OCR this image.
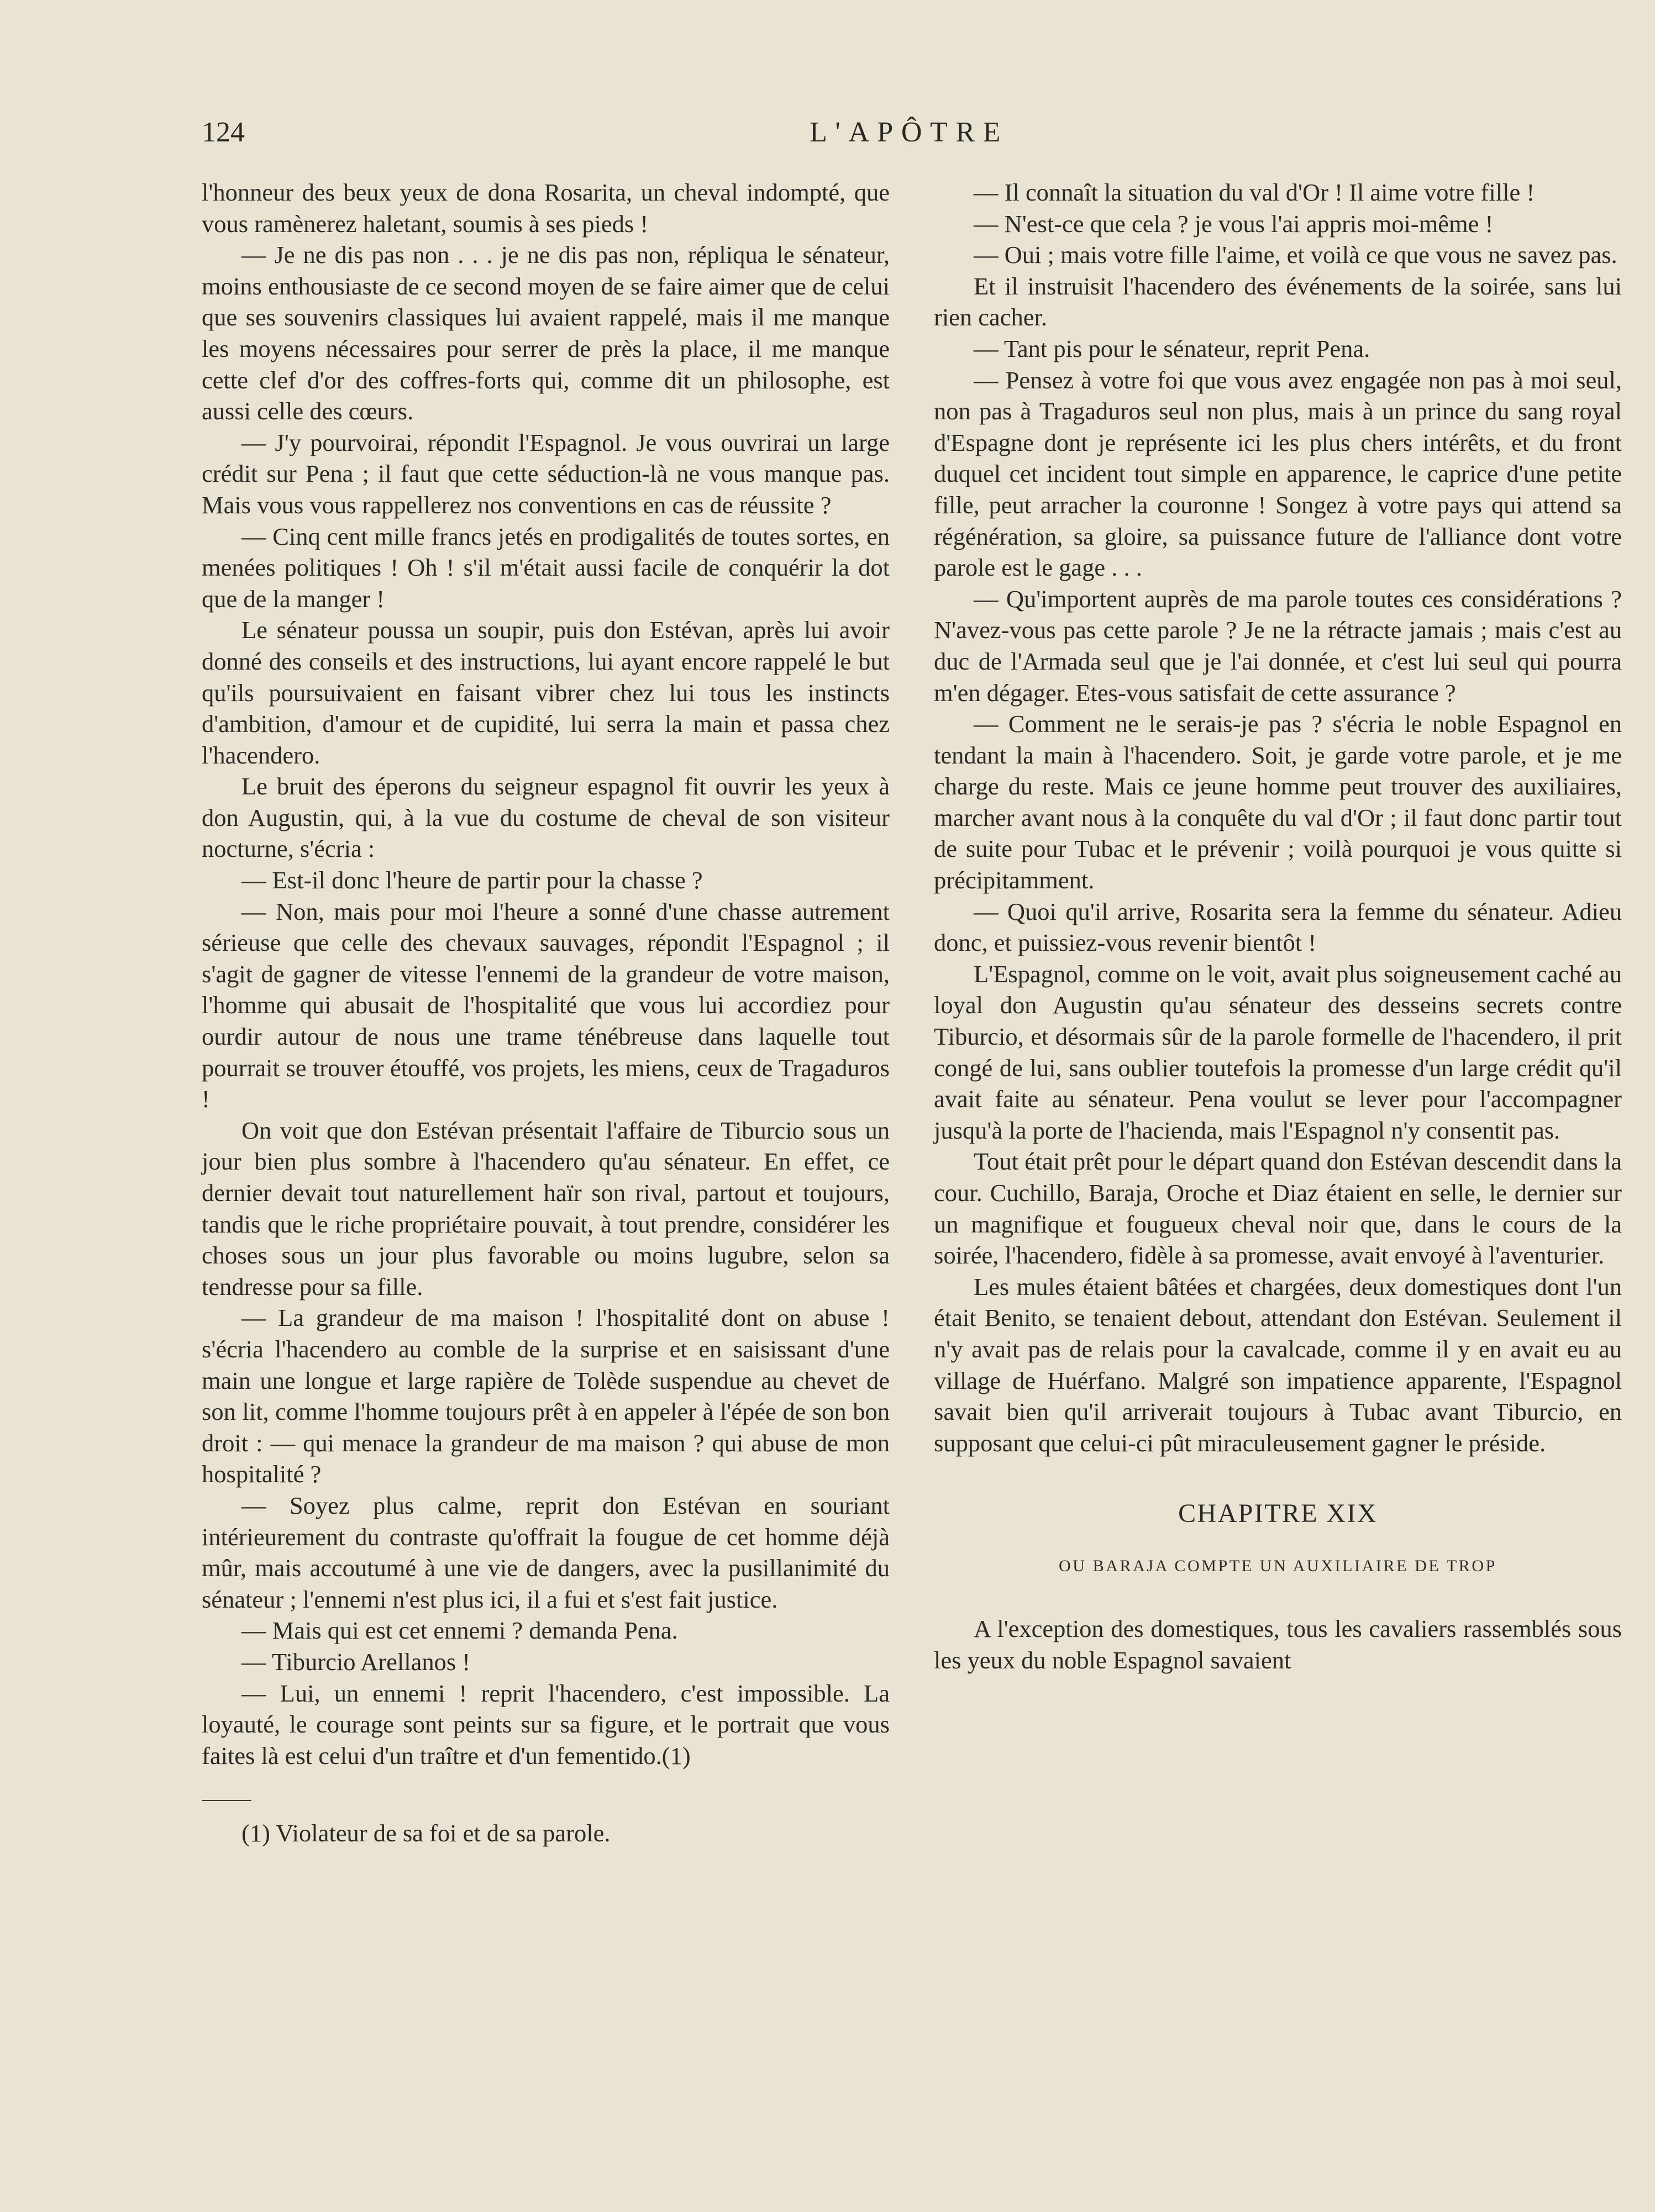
124	L'APÔTRE

l'honneur des beux yeux de dona Rosarita, un cheval indompté, que vous ramènerez haletant, soumis à ses pieds !

— Je ne dis pas non . . . je ne dis pas non, répliqua le sénateur, moins enthousiaste de ce second moyen de se faire aimer que de celui que ses souvenirs classiques lui avaient rappelé, mais il me manque les moyens nécessaires pour serrer de près la place, il me manque cette clef d'or des coffres-forts qui, comme dit un philosophe, est aussi celle des cœurs.

— J'y pourvoirai, répondit l'Espagnol. Je vous ouvrirai un large crédit sur Pena ; il faut que cette séduction-là ne vous manque pas. Mais vous vous rappellerez nos conventions en cas de réussite ?

— Cinq cent mille francs jetés en prodigalités de toutes sortes, en menées politiques ! Oh ! s'il m'était aussi facile de conquérir la dot que de la manger !

Le sénateur poussa un soupir, puis don Estévan, après lui avoir donné des conseils et des instructions, lui ayant encore rappelé le but qu'ils poursuivaient en faisant vibrer chez lui tous les instincts d'ambition, d'amour et de cupidité, lui serra la main et passa chez l'hacendero.

Le bruit des éperons du seigneur espagnol fit ouvrir les yeux à don Augustin, qui, à la vue du costume de cheval de son visiteur nocturne, s'écria :

— Est-il donc l'heure de partir pour la chasse ?

— Non, mais pour moi l'heure a sonné d'une chasse autrement sérieuse que celle des chevaux sauvages, répondit l'Espagnol ; il s'agit de gagner de vitesse l'ennemi de la grandeur de votre maison, l'homme qui abusait de l'hospitalité que vous lui accordiez pour ourdir autour de nous une trame ténébreuse dans laquelle tout pourrait se trouver étouffé, vos projets, les miens, ceux de Tragaduros !

On voit que don Estévan présentait l'affaire de Tiburcio sous un jour bien plus sombre à l'hacendero qu'au sénateur. En effet, ce dernier devait tout naturellement haïr son rival, partout et toujours, tandis que le riche propriétaire pouvait, à tout prendre, considérer les choses sous un jour plus favorable ou moins lugubre, selon sa tendresse pour sa fille.

— La grandeur de ma maison ! l'hospitalité dont on abuse ! s'écria l'hacendero au comble de la surprise et en saisissant d'une main une longue et large rapière de Tolède suspendue au chevet de son lit, comme l'homme toujours prêt à en appeler à l'épée de son bon droit : — qui menace la grandeur de ma maison ? qui abuse de mon hospitalité ?

— Soyez plus calme, reprit don Estévan en souriant intérieurement du contraste qu'offrait la fougue de cet homme déjà mûr, mais accoutumé à une vie de dangers, avec la pusillanimité du sénateur ; l'ennemi n'est plus ici, il a fui et s'est fait justice.

— Mais qui est cet ennemi ? demanda Pena.

— Tiburcio Arellanos !

— Lui, un ennemi ! reprit l'hacendero, c'est impossible. La loyauté, le courage sont peints sur sa figure, et le portrait que vous faites là est celui d'un traître et d'un fementido.(1)

(1) Violateur de sa foi et de sa parole.

— Il connaît la situation du val d'Or ! Il aime votre fille !

— N'est-ce que cela ? je vous l'ai appris moi-même !

— Oui ; mais votre fille l'aime, et voilà ce que vous ne savez pas.

Et il instruisit l'hacendero des événements de la soirée, sans lui rien cacher.

— Tant pis pour le sénateur, reprit Pena.

— Pensez à votre foi que vous avez engagée non pas à moi seul, non pas à Tragaduros seul non plus, mais à un prince du sang royal d'Espagne dont je représente ici les plus chers intérêts, et du front duquel cet incident tout simple en apparence, le caprice d'une petite fille, peut arracher la couronne ! Songez à votre pays qui attend sa régénération, sa gloire, sa puissance future de l'alliance dont votre parole est le gage . . .

— Qu'importent auprès de ma parole toutes ces considérations ? N'avez-vous pas cette parole ? Je ne la rétracte jamais ; mais c'est au duc de l'Armada seul que je l'ai donnée, et c'est lui seul qui pourra m'en dégager. Etes-vous satisfait de cette assurance ?

— Comment ne le serais-je pas ? s'écria le noble Espagnol en tendant la main à l'hacendero. Soit, je garde votre parole, et je me charge du reste. Mais ce jeune homme peut trouver des auxiliaires, marcher avant nous à la conquête du val d'Or ; il faut donc partir tout de suite pour Tubac et le prévenir ; voilà pourquoi je vous quitte si précipitamment.

— Quoi qu'il arrive, Rosarita sera la femme du sénateur. Adieu donc, et puissiez-vous revenir bientôt !

L'Espagnol, comme on le voit, avait plus soigneusement caché au loyal don Augustin qu'au sénateur des desseins secrets contre Tiburcio, et désormais sûr de la parole formelle de l'hacendero, il prit congé de lui, sans oublier toutefois la promesse d'un large crédit qu'il avait faite au sénateur. Pena voulut se lever pour l'accompagner jusqu'à la porte de l'hacienda, mais l'Espagnol n'y consentit pas.

Tout était prêt pour le départ quand don Estévan descendit dans la cour. Cuchillo, Baraja, Oroche et Diaz étaient en selle, le dernier sur un magnifique et fougueux cheval noir que, dans le cours de la soirée, l'hacendero, fidèle à sa promesse, avait envoyé à l'aventurier.

Les mules étaient bâtées et chargées, deux domestiques dont l'un était Benito, se tenaient debout, attendant don Estévan. Seulement il n'y avait pas de relais pour la cavalcade, comme il y en avait eu au village de Huérfano. Malgré son impatience apparente, l'Espagnol savait bien qu'il arriverait toujours à Tubac avant Tiburcio, en supposant que celui-ci pût miraculeusement gagner le préside.

CHAPITRE XIX
OU BARAJA COMPTE UN AUXILIAIRE DE TROP

A l'exception des domestiques, tous les cavaliers rassemblés sous les yeux du noble Espagnol savaient
